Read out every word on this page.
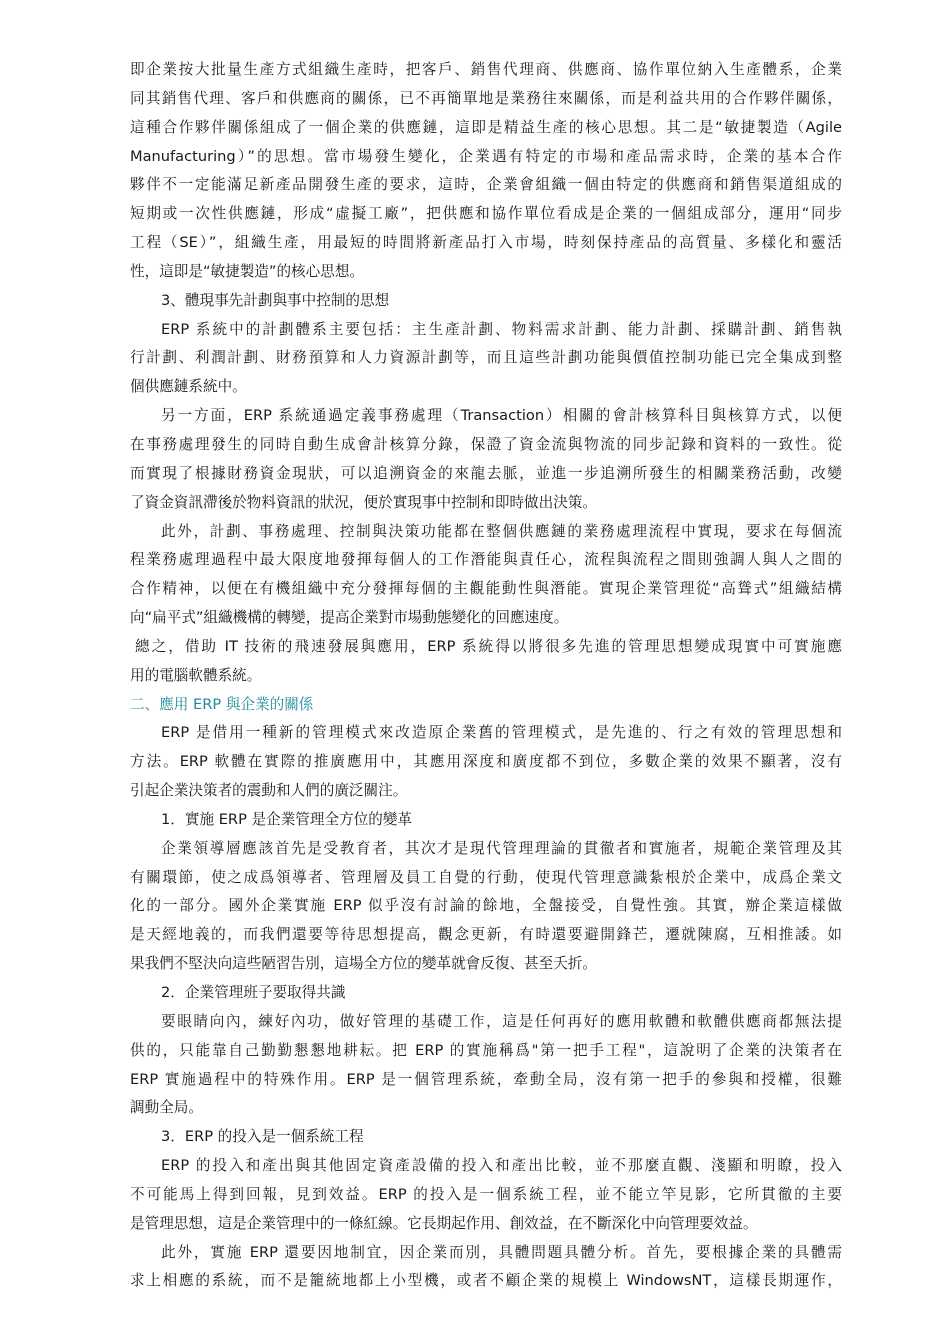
即企業按大批量生產方式組織生產時，把客戶、銷售代理商、供應商、協作單位納入生產體系，企業
同其銷售代理、客戶和供應商的關係，已不再簡單地是業務往來關係，而是利益共用的合作夥伴關係，
這種合作夥伴關係組成了一個企業的供應鏈，這即是精益生產的核心思想。其二是“敏捷製造（Agile
Manufacturing）”的思想。當市場發生變化，企業遇有特定的市場和產品需求時，企業的基本合作
夥伴不一定能滿足新產品開發生產的要求，這時，企業會組織一個由特定的供應商和銷售渠道組成的
短期或一次性供應鏈，形成“虛擬工廠”，把供應和協作單位看成是企業的一個組成部分，運用“同步
工程（SE）”，組織生產，用最短的時間將新產品打入市場，時刻保持產品的高質量、多樣化和靈活
性，這即是“敏捷製造”的核心思想。
3、體現事先計劃與事中控制的思想
ERP 系統中的計劃體系主要包括：主生產計劃、物料需求計劃、能力計劃、採購計劃、銷售執
行計劃、利潤計劃、財務預算和人力資源計劃等，而且這些計劃功能與價值控制功能已完全集成到整
個供應鏈系統中。
另一方面，ERP 系統通過定義事務處理（Transaction）相關的會計核算科目與核算方式，以便
在事務處理發生的同時自動生成會計核算分錄，保證了資金流與物流的同步記錄和資料的一致性。從
而實現了根據財務資金現狀，可以追溯資金的來龍去脈，並進一步追溯所發生的相關業務活動，改變
了資金資訊滯後於物料資訊的狀況，便於實現事中控制和即時做出決策。
此外，計劃、事務處理、控制與決策功能都在整個供應鏈的業務處理流程中實現，要求在每個流
程業務處理過程中最大限度地發揮每個人的工作潛能與責任心，流程與流程之間則強調人與人之間的
合作精神，以便在有機組織中充分發揮每個的主觀能動性與潛能。實現企業管理從“高聳式”組織結構
向“扁平式”組織機構的轉變，提高企業對市場動態變化的回應速度。
總之，借助 IT 技術的飛速發展與應用，ERP 系統得以將很多先進的管理思想變成現實中可實施應
用的電腦軟體系統。
二、應用 ERP 與企業的關係
ERP 是借用一種新的管理模式來改造原企業舊的管理模式，是先進的、行之有效的管理思想和
方法。ERP 軟體在實際的推廣應用中，其應用深度和廣度都不到位，多數企業的效果不顯著，沒有
引起企業決策者的震動和人們的廣泛關注。
1．實施 ERP 是企業管理全方位的變革
企業領導層應該首先是受教育者，其次才是現代管理理論的貫徹者和實施者，規範企業管理及其
有關環節，使之成爲領導者、管理層及員工自覺的行動，使現代管理意識紮根於企業中，成爲企業文
化的一部分。國外企業實施 ERP 似乎沒有討論的餘地，全盤接受，自覺性強。其實，辦企業這樣做
是天經地義的，而我們還要等待思想提高，觀念更新，有時還要避開鋒芒，遷就陳腐，互相推諉。如
果我們不堅決向這些陋習告別，這場全方位的變革就會反復、甚至夭折。
2．企業管理班子要取得共識
要眼睛向內，練好內功，做好管理的基礎工作，這是任何再好的應用軟體和軟體供應商都無法提
供的，只能靠自己勤勤懇懇地耕耘。把 ERP 的實施稱爲"第一把手工程"，這說明了企業的決策者在
ERP 實施過程中的特殊作用。ERP 是一個管理系統，牽動全局，沒有第一把手的參與和授權，很難
調動全局。
3．ERP 的投入是一個系統工程
ERP 的投入和產出與其他固定資產設備的投入和產出比較，並不那麼直觀、淺顯和明瞭，投入
不可能馬上得到回報，見到效益。ERP 的投入是一個系統工程，並不能立竿見影，它所貫徹的主要
是管理思想，這是企業管理中的一條紅線。它長期起作用、創效益，在不斷深化中向管理要效益。
此外，實施 ERP 還要因地制宜，因企業而別，具體問題具體分析。首先，要根據企業的具體需
求上相應的系統，而不是籠統地都上小型機，或者不顧企業的規模上 WindowsNT，這樣長期運作，
